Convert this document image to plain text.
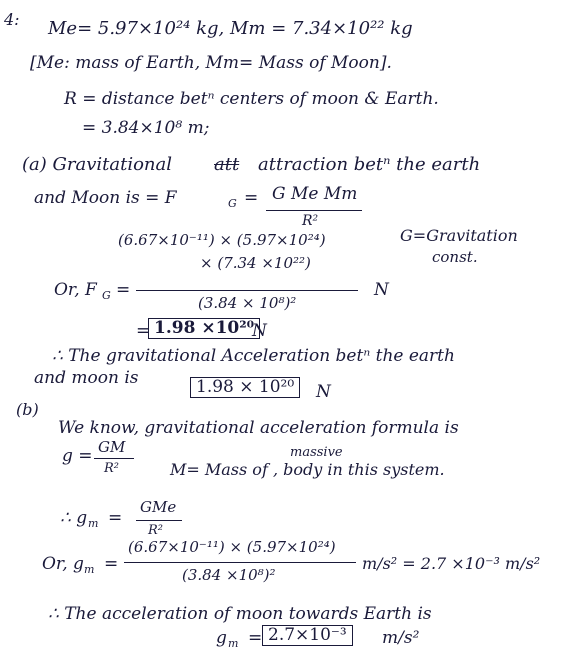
4: Me= 5.97×10²⁴ kg, Mm = 7.34×10²² kg
[Me: mass of Earth, Mm= Mass of Moon].
R = distance betⁿ centers of moon & Earth.
= 3.84×10⁸ m;
(a) Gravitational att attraction betⁿ the earth
and Moon is = F	G = G Me Mm
R²
G=Gravitation
const.
(6.67×10⁻¹¹) × (5.97×10²⁴)
× (7.34 ×10²²)
Or, F G =	N
(3.84 × 10⁸)²
= 1.98 ×10²⁰
N
∴ The gravitational Acceleration betⁿ the earth
and moon is	1.98 × 10²⁰	N
(b)
We know, gravitational acceleration formula is
g = GM
R²
massive
M= Mass of , body in this system.
∴ g m =
GMe
R²
Or, g m =
(6.67×10⁻¹¹) × (5.97×10²⁴)
(3.84 ×10⁸)²
m/s² = 2.7 ×10⁻³ m/s²
∴ The acceleration of moon towards Earth is
g m = 2.7×10⁻³	m/s²
